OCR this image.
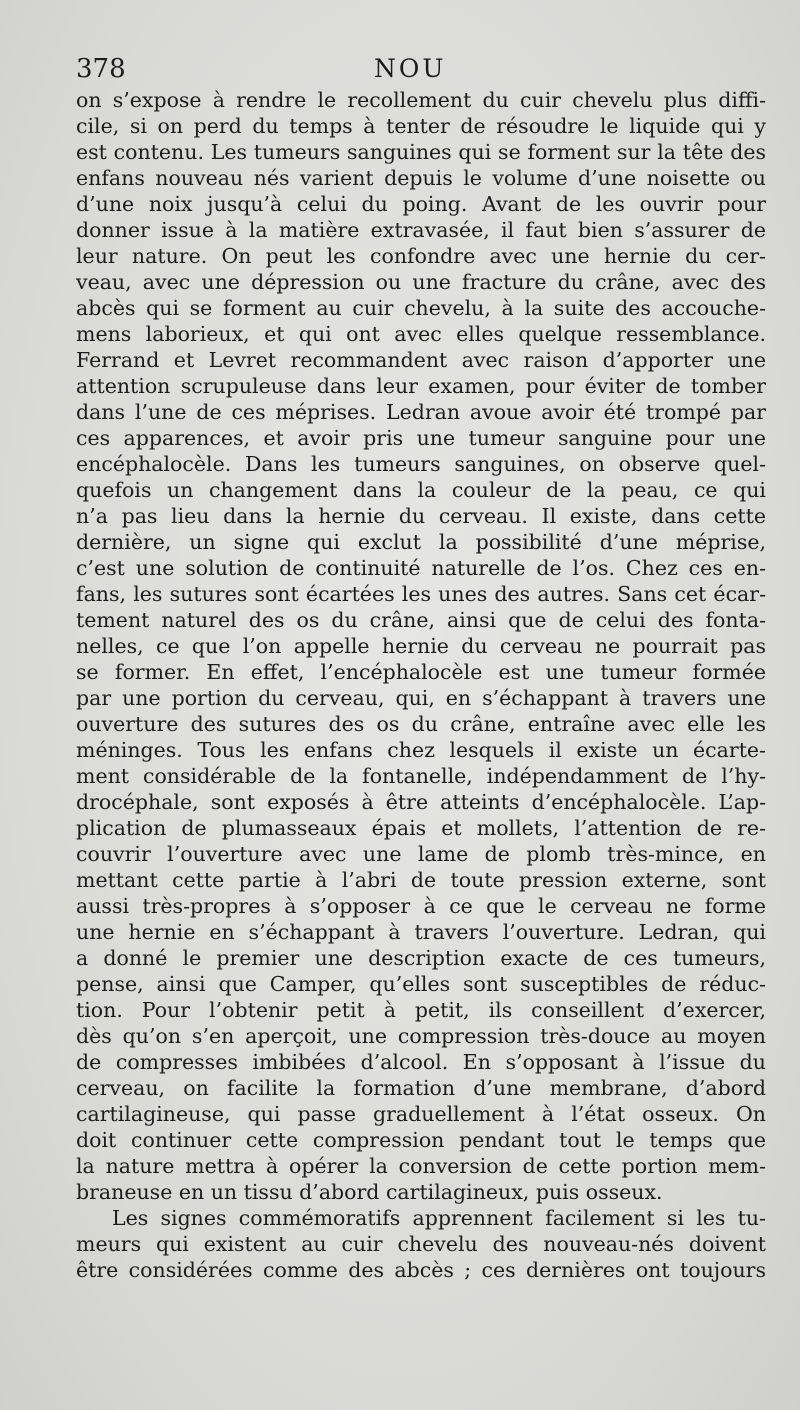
378	NOU
on s’expose à rendre le recollement du cuir chevelu plus diffi-
cile, si on perd du temps à tenter de résoudre le liquide qui y
est contenu. Les tumeurs sanguines qui se forment sur la tête des
enfans nouveau nés varient depuis le volume d’une noisette ou
d’une noix jusqu’à celui du poing. Avant de les ouvrir pour
donner issue à la matière extravasée, il faut bien s’assurer de
leur nature. On peut les confondre avec une hernie du cer-
veau, avec une dépression ou une fracture du crâne, avec des
abcès qui se forment au cuir chevelu, à la suite des accouche-
mens laborieux, et qui ont avec elles quelque ressemblance.
Ferrand et Levret recommandent avec raison d’apporter une
attention scrupuleuse dans leur examen, pour éviter de tomber
dans l’une de ces méprises. Ledran avoue avoir été trompé par
ces apparences, et avoir pris une tumeur sanguine pour une
encéphalocèle. Dans les tumeurs sanguines, on observe quel-
quefois un changement dans la couleur de la peau, ce qui
n’a pas lieu dans la hernie du cerveau. Il existe, dans cette
dernière, un signe qui exclut la possibilité d’une méprise,
c’est une solution de continuité naturelle de l’os. Chez ces en-
fans, les sutures sont écartées les unes des autres. Sans cet écar-
tement naturel des os du crâne, ainsi que de celui des fonta-
nelles, ce que l’on appelle hernie du cerveau ne pourrait pas
se former. En effet, l’encéphalocèle est une tumeur formée
par une portion du cerveau, qui, en s’échappant à travers une
ouverture des sutures des os du crâne, entraîne avec elle les
méninges. Tous les enfans chez lesquels il existe un écarte-
ment considérable de la fontanelle, indépendamment de l’hy-
drocéphale, sont exposés à être atteints d’encéphalocèle. L’ap-
plication de plumasseaux épais et mollets, l’attention de re-
couvrir l’ouverture avec une lame de plomb très-mince, en
mettant cette partie à l’abri de toute pression externe, sont
aussi très-propres à s’opposer à ce que le cerveau ne forme
une hernie en s’échappant à travers l’ouverture. Ledran, qui
a donné le premier une description exacte de ces tumeurs,
pense, ainsi que Camper, qu’elles sont susceptibles de réduc-
tion. Pour l’obtenir petit à petit, ils conseillent d’exercer,
dès qu’on s’en aperçoit, une compression très-douce au moyen
de compresses imbibées d’alcool. En s’opposant à l’issue du
cerveau, on facilite la formation d’une membrane, d’abord
cartilagineuse, qui passe graduellement à l’état osseux. On
doit continuer cette compression pendant tout le temps que
la nature mettra à opérer la conversion de cette portion mem-
braneuse en un tissu d’abord cartilagineux, puis osseux.
Les signes commémoratifs apprennent facilement si les tu-
meurs qui existent au cuir chevelu des nouveau-nés doivent
être considérées comme des abcès ; ces dernières ont toujours
